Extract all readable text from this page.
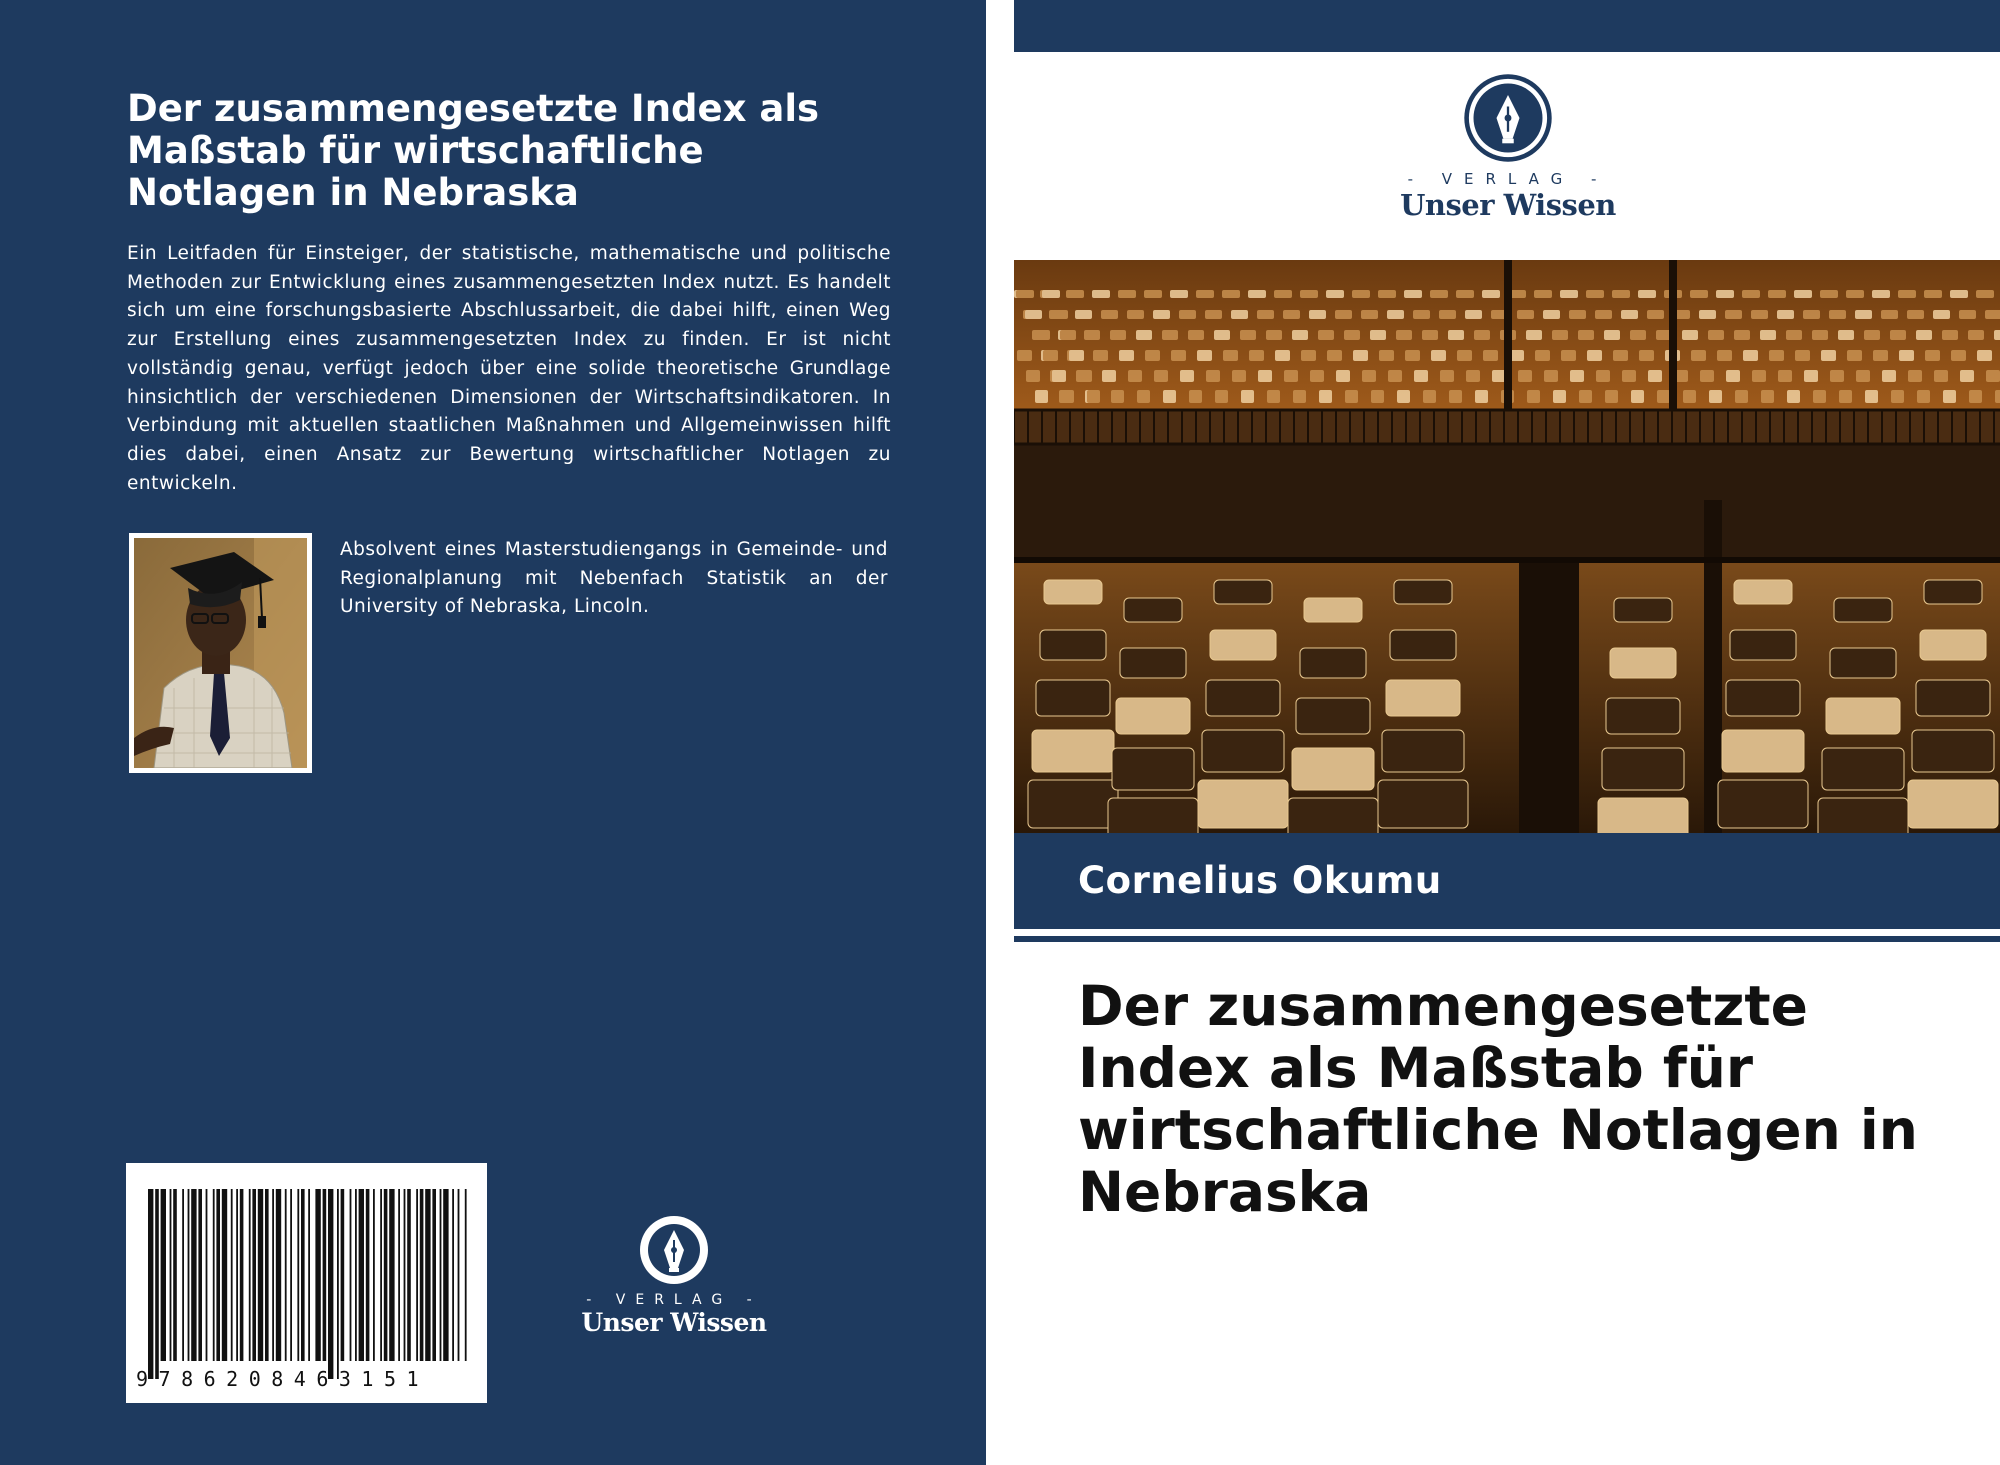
Der zusammengesetzte Index als Maßstab für wirtschaftliche Notlagen in Nebraska

Ein Leitfaden für Einsteiger, der statistische, mathematische und politische Methoden zur Entwicklung eines zusammengesetzten Index nutzt. Es handelt sich um eine forschungsbasierte Abschlussarbeit, die dabei hilft, einen Weg zur Erstellung eines zusammengesetzten Index zu finden. Er ist nicht vollständig genau, verfügt jedoch über eine solide theoretische Grundlage hinsichtlich der verschiedenen Dimensionen der Wirtschaftsindikatoren. In Verbindung mit aktuellen staatlichen Maßnahmen und Allgemeinwissen hilft dies dabei, einen Ansatz zur Bewertung wirtschaftlicher Notlagen zu entwickeln.

Absolvent eines Masterstudiengangs in Gemeinde- und Regionalplanung mit Nebenfach Statistik an der University of Nebraska, Lincoln.

9786208463151
- VERLAG -
Unser Wissen
- VERLAG -
Unser Wissen
Cornelius Okumu
Der zusammengesetzte Index als Maßstab für wirtschaftliche Notlagen in Nebraska
